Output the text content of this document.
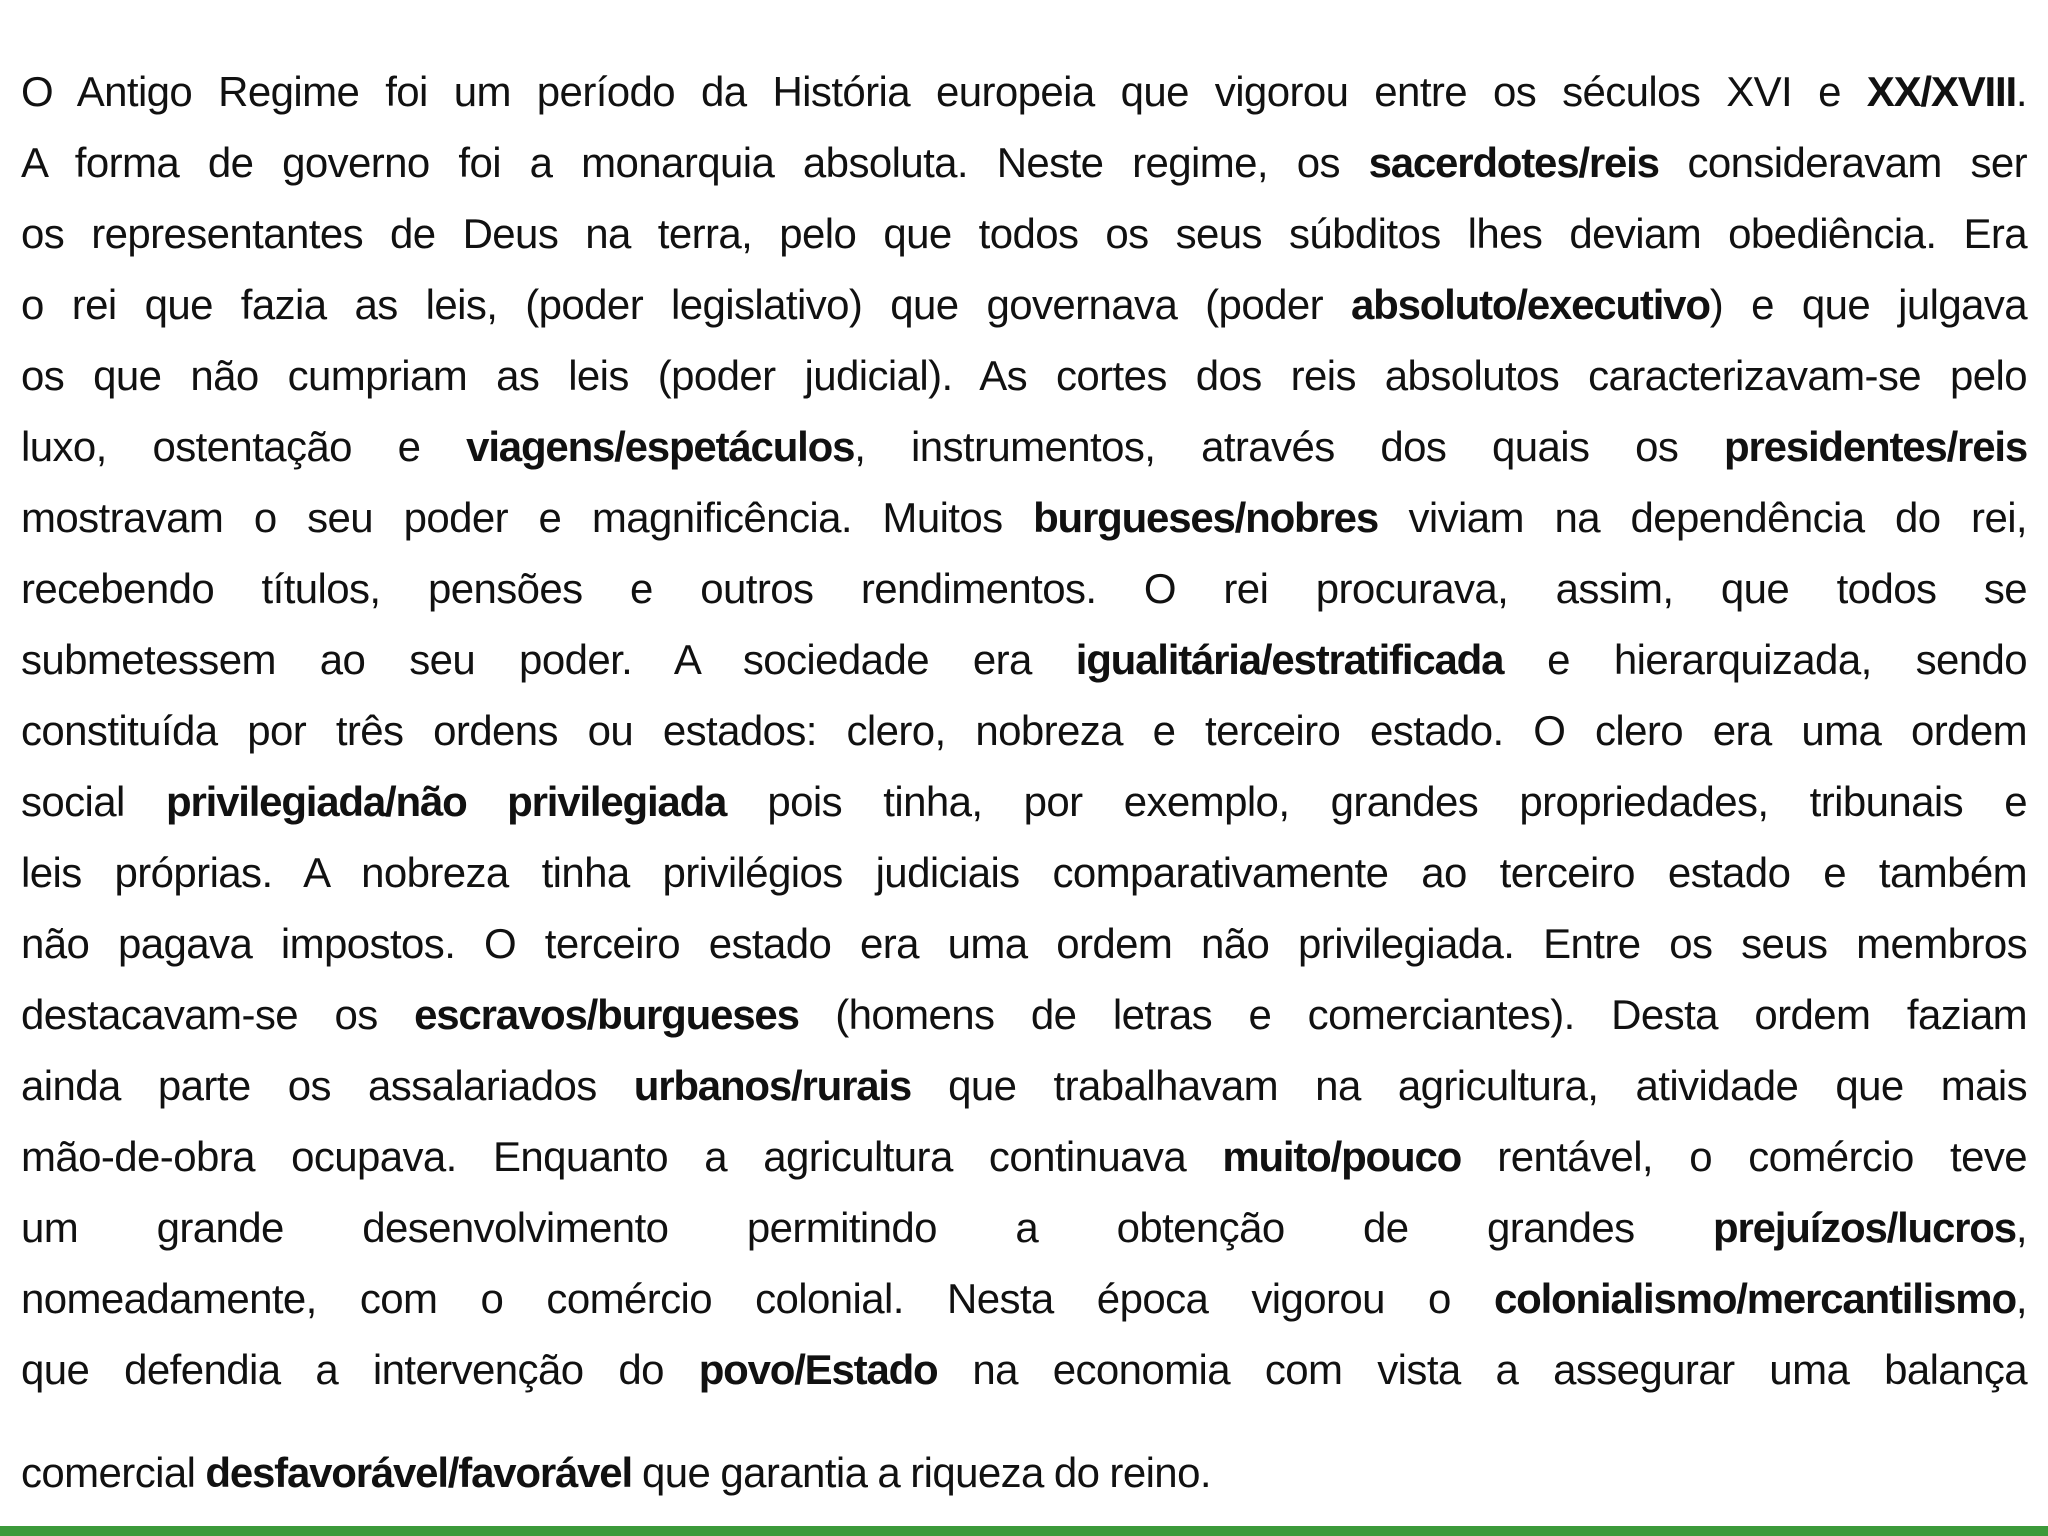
O Antigo Regime foi um período da História europeia que vigorou entre os séculos XVI e XX/XVIII.
A forma de governo foi a monarquia absoluta. Neste regime, os sacerdotes/reis consideravam ser
os representantes de Deus na terra, pelo que todos os seus súbditos lhes deviam obediência. Era
o rei que fazia as leis, (poder legislativo) que governava (poder absoluto/executivo) e que julgava
os que não cumpriam as leis (poder judicial). As cortes dos reis absolutos caracterizavam-se pelo
luxo, ostentação e viagens/espetáculos, instrumentos, através dos quais os presidentes/reis
mostravam o seu poder e magnificência. Muitos burgueses/nobres viviam na dependência do rei,
recebendo títulos, pensões e outros rendimentos. O rei procurava, assim, que todos se
submetessem ao seu poder. A sociedade era igualitária/estratificada e hierarquizada, sendo
constituída por três ordens ou estados: clero, nobreza e terceiro estado. O clero era uma ordem
social privilegiada/não privilegiada pois tinha, por exemplo, grandes propriedades, tribunais e
leis próprias. A nobreza tinha privilégios judiciais comparativamente ao terceiro estado e também
não pagava impostos. O terceiro estado era uma ordem não privilegiada. Entre os seus membros
destacavam-se os escravos/burgueses (homens de letras e comerciantes). Desta ordem faziam
ainda parte os assalariados urbanos/rurais que trabalhavam na agricultura, atividade que mais
mão-de-obra ocupava. Enquanto a agricultura continuava muito/pouco rentável, o comércio teve
um grande desenvolvimento permitindo a obtenção de grandes prejuízos/lucros,
nomeadamente, com o comércio colonial. Nesta época vigorou o colonialismo/mercantilismo,
que defendia a intervenção do povo/Estado na economia com vista a assegurar uma balança
comercial desfavorável/favorável que garantia a riqueza do reino.
